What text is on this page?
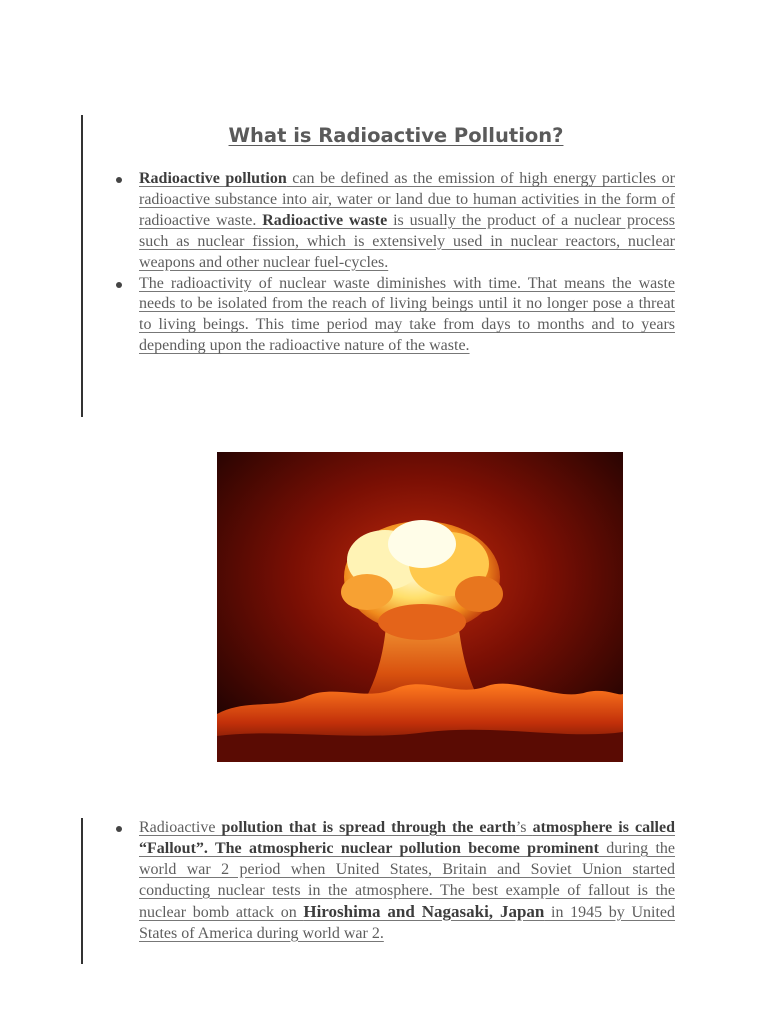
What is Radioactive Pollution?

Radioactive pollution can be defined as the emission of high energy particles or radioactive substance into air, water or land due to human activities in the form of radioactive waste. Radioactive waste is usually the product of a nuclear process such as nuclear fission, which is extensively used in nuclear reactors, nuclear weapons and other nuclear fuel-cycles.

The radioactivity of nuclear waste diminishes with time. That means the waste needs to be isolated from the reach of living beings until it no longer pose a threat to living beings. This time period may take from days to months and to years depending upon the radioactive nature of the waste.

Radioactive pollution that is spread through the earth’s atmosphere is called “Fallout”. The atmospheric nuclear pollution become prominent during the world war 2 period when United States, Britain and Soviet Union started conducting nuclear tests in the atmosphere. The best example of fallout is the nuclear bomb attack on Hiroshima and Nagasaki, Japan in 1945 by United States of America during world war 2.
